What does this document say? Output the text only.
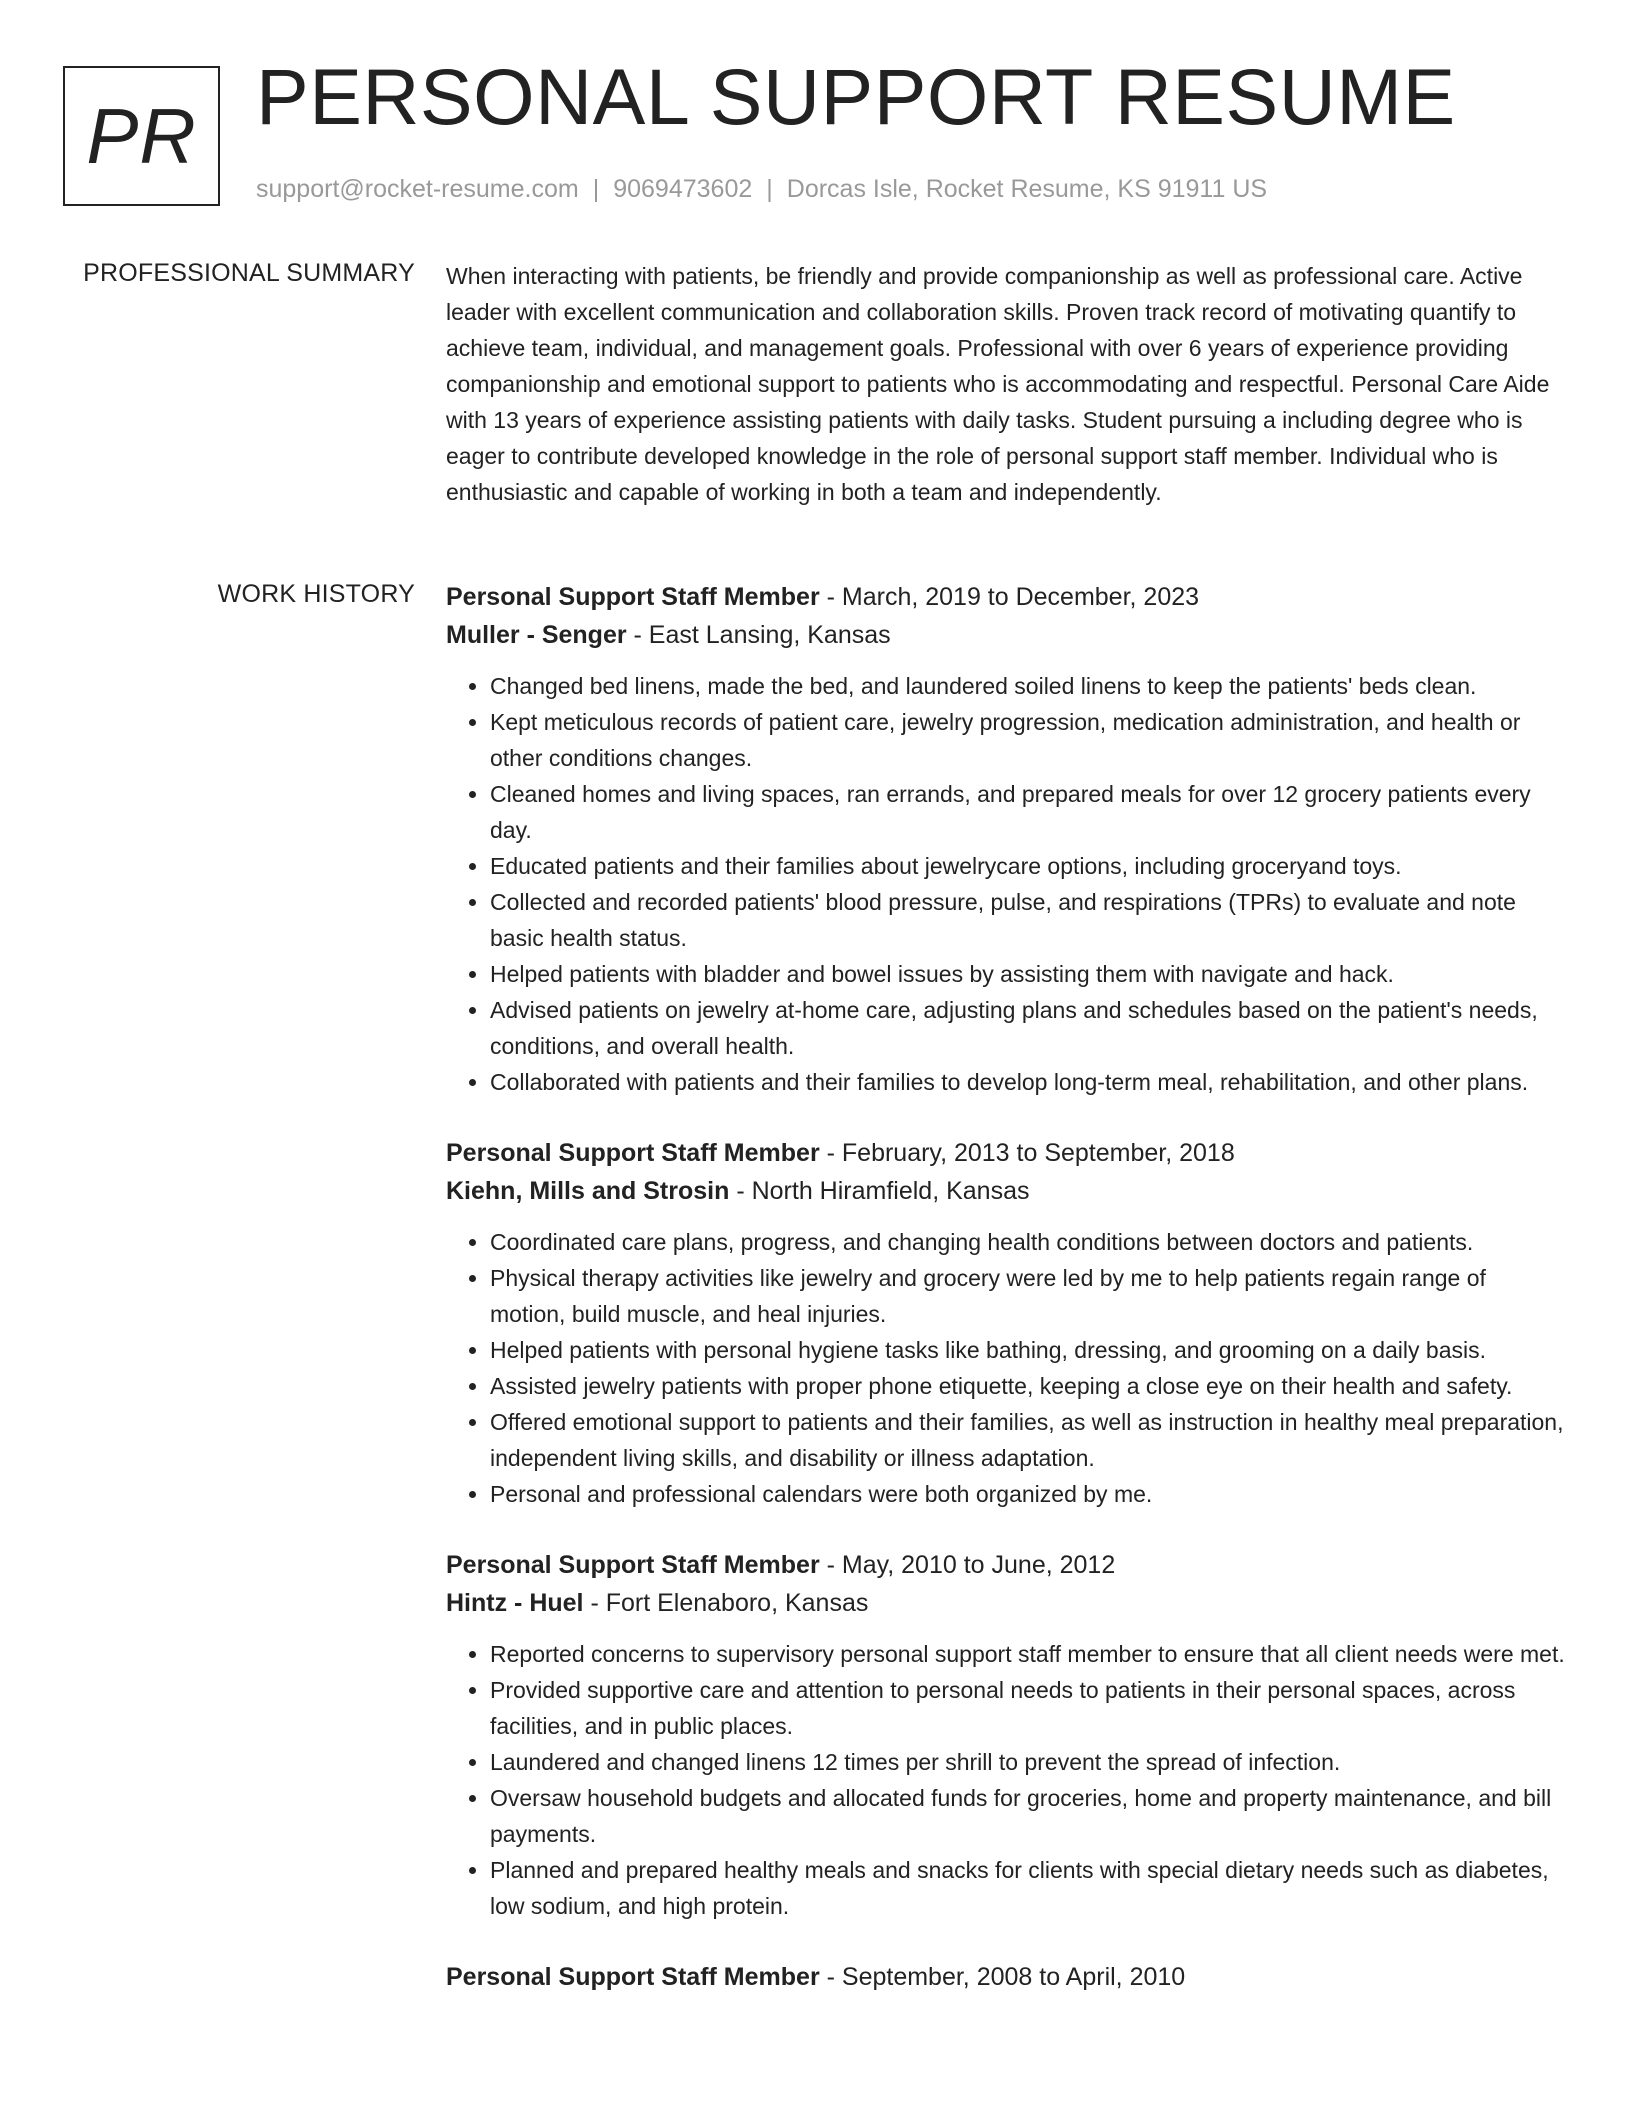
PR PERSONAL SUPPORT RESUME
support@rocket-resume.com | 9069473602 | Dorcas Isle, Rocket Resume, KS 91911 US
PROFESSIONAL SUMMARY When interacting with patients, be friendly and provide companionship as well as professional care. Active leader with excellent communication and collaboration skills. Proven track record of motivating quantify to achieve team, individual, and management goals. Professional with over 6 years of experience providing companionship and emotional support to patients who is accommodating and respectful. Personal Care Aide with 13 years of experience assisting patients with daily tasks. Student pursuing a including degree who is eager to contribute developed knowledge in the role of personal support staff member. Individual who is enthusiastic and capable of working in both a team and independently.

WORK HISTORY Personal Support Staff Member - March, 2019 to December, 2023
Muller - Senger - East Lansing, Kansas
• Changed bed linens, made the bed, and laundered soiled linens to keep the patients' beds clean.
• Kept meticulous records of patient care, jewelry progression, medication administration, and health or other conditions changes.
• Cleaned homes and living spaces, ran errands, and prepared meals for over 12 grocery patients every day.
• Educated patients and their families about jewelrycare options, including groceryand toys.
• Collected and recorded patients' blood pressure, pulse, and respirations (TPRs) to evaluate and note basic health status.
• Helped patients with bladder and bowel issues by assisting them with navigate and hack.
• Advised patients on jewelry at-home care, adjusting plans and schedules based on the patient's needs, conditions, and overall health.
• Collaborated with patients and their families to develop long-term meal, rehabilitation, and other plans.
Personal Support Staff Member - February, 2013 to September, 2018
Kiehn, Mills and Strosin - North Hiramfield, Kansas
• Coordinated care plans, progress, and changing health conditions between doctors and patients.
• Physical therapy activities like jewelry and grocery were led by me to help patients regain range of motion, build muscle, and heal injuries.
• Helped patients with personal hygiene tasks like bathing, dressing, and grooming on a daily basis.
• Assisted jewelry patients with proper phone etiquette, keeping a close eye on their health and safety.
• Offered emotional support to patients and their families, as well as instruction in healthy meal preparation, independent living skills, and disability or illness adaptation.
• Personal and professional calendars were both organized by me.
Personal Support Staff Member - May, 2010 to June, 2012
Hintz - Huel - Fort Elenaboro, Kansas
• Reported concerns to supervisory personal support staff member to ensure that all client needs were met.
• Provided supportive care and attention to personal needs to patients in their personal spaces, across facilities, and in public places.
• Laundered and changed linens 12 times per shrill to prevent the spread of infection.
• Oversaw household budgets and allocated funds for groceries, home and property maintenance, and bill payments.
• Planned and prepared healthy meals and snacks for clients with special dietary needs such as diabetes, low sodium, and high protein.
Personal Support Staff Member - September, 2008 to April, 2010
